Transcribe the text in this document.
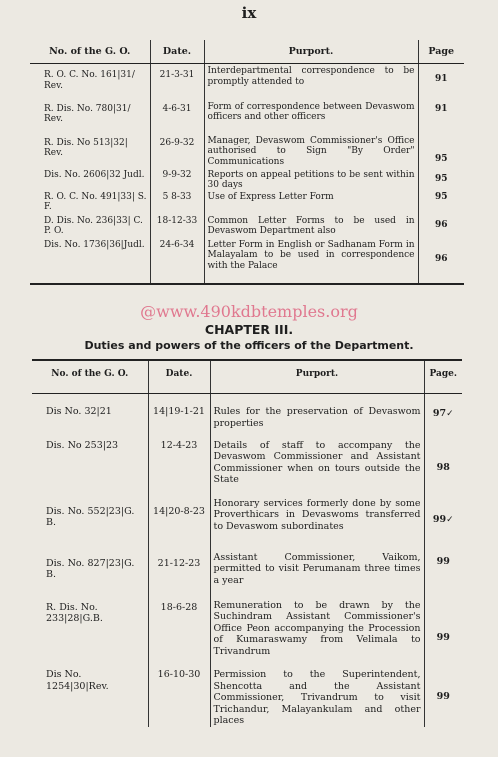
ix
No. of the G. O.	Date.	Purport.	Page
R. O. C. No. 161|31/ Rev.	21-3-31	Interdepartmental correspondence to be promptly attended to	91
R. Dis. No. 780|31/ Rev.	4-6-31	Form of correspondence between Devaswom officers and other officers	91
R. Dis. No 513|32| Rev.	26-9-32	Manager, Devaswom Commissioner's Office authorised to Sign "By Order" Communications	95
Dis. No. 2606|32 Judl.	9-9-32	Reports on appeal petitions to be sent within 30 days	95
R. O. C. No. 491|33| S. F.	5 8-33	Use of Express Letter Form	95
D. Dis. No. 236|33| C. P. O.	18-12-33	Common Letter Forms to be used in Devaswom Department also	96
Dis. No. 1736|36|Judl.	24-6-34	Letter Form in English or Sadhanam Form in Malayalam to be used in correspondence with the Palace	96
@www.490kdbtemples.org
CHAPTER III.
Duties and powers of the officers of the Department.
No. of the G. O.	Date.	Purport.	Page.
Dis No. 32|21	14|19-1-21	Rules for the preservation of Devaswom properties	97✓
Dis. No 253|23	12-4-23	Details of staff to accompany the Devaswom Commissioner and Assistant Commissioner when on tours outside the State	98
Dis. No. 552|23|G. B.	14|20-8-23	Honorary services formerly done by some Proverthicars in Devaswoms transferred to Devaswom subordinates	99✓
Dis. No. 827|23|G. B.	21-12-23	Assistant Commissioner, Vaikom, permitted to visit Perumanam three times a year	99
R. Dis. No. 233|28|G.B.	18-6-28	Remuneration to be drawn by the Suchindram Assistant Commissioner's Office Peon accompanying the Procession of Kumaraswamy from Velimala to Trivandrum	99
Dis No. 1254|30|Rev.	16-10-30	Permission to the Superintendent, Shencotta and the Assistant Commissioner, Trivandrum to visit Trichandur, Malayankulam and other places	99
